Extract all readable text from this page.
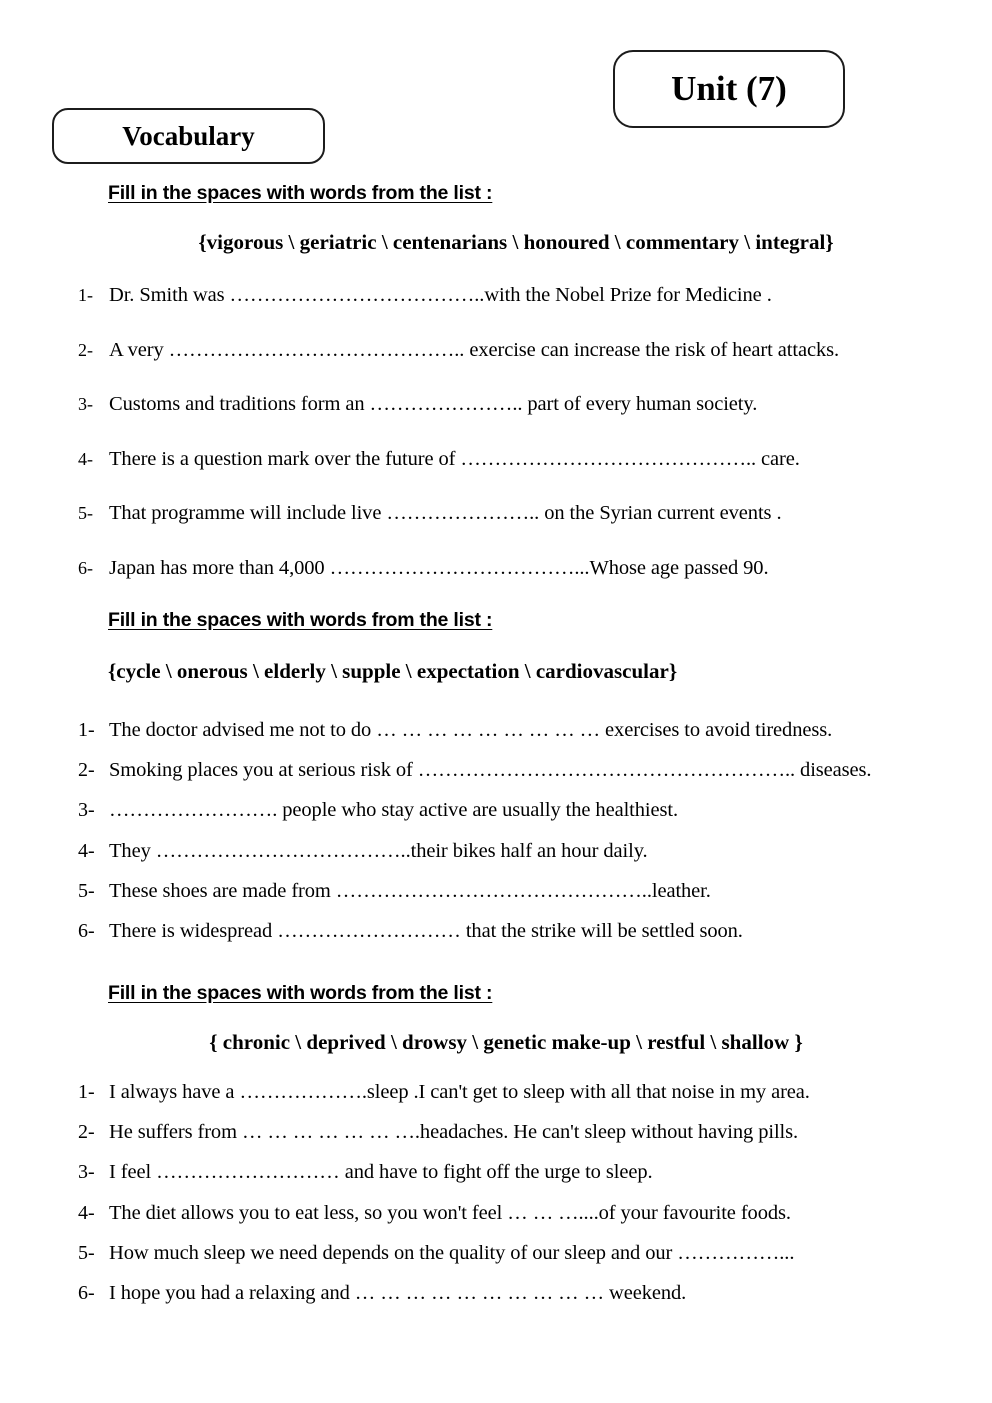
Unit (7)
Vocabulary
Fill in the spaces with words from the list :
{vigorous \ geriatric \ centenarians \ honoured \ commentary \ integral}
1- Dr. Smith was ………………………………..with the Nobel Prize for Medicine .
2- A very …………………………………….. exercise can increase the risk of heart attacks.
3- Customs and traditions form an ………………….. part of every human society.
4- There is a question mark over the future of …………………………………….. care.
5- That programme will include live ………………….. on the Syrian current events .
6- Japan has more than 4,000 ………………………………...Whose age passed 90.
Fill in the spaces with words from the list :
{cycle \ onerous \ elderly \ supple \ expectation \ cardiovascular}
1- The doctor advised me not to do … … … … … … … … … exercises to avoid tiredness.
2- Smoking places you at serious risk of ……………………………………………….. diseases.
3- ……………………. people who stay active are usually the healthiest.
4- They ………………………………..their bikes half an hour daily.
5- These shoes are made from ………………………………………..leather.
6- There is widespread ……………………… that the strike will be settled soon.
Fill in the spaces with words from the list :
{ chronic \ deprived \ drowsy \ genetic make-up \ restful \ shallow }
1- I always have a ……………….sleep .I can't get to sleep with all that noise in my area.
2- He suffers from … … … … … … ….headaches. He can't sleep without having pills.
3- I feel ……………………… and have to fight off the urge to sleep.
4- The diet allows you to eat less, so you won't feel … … …....of your favourite foods.
5- How much sleep we need depends on the quality of our sleep and our ……………...
6- I hope you had a relaxing and … … … … … … … … … … weekend.
